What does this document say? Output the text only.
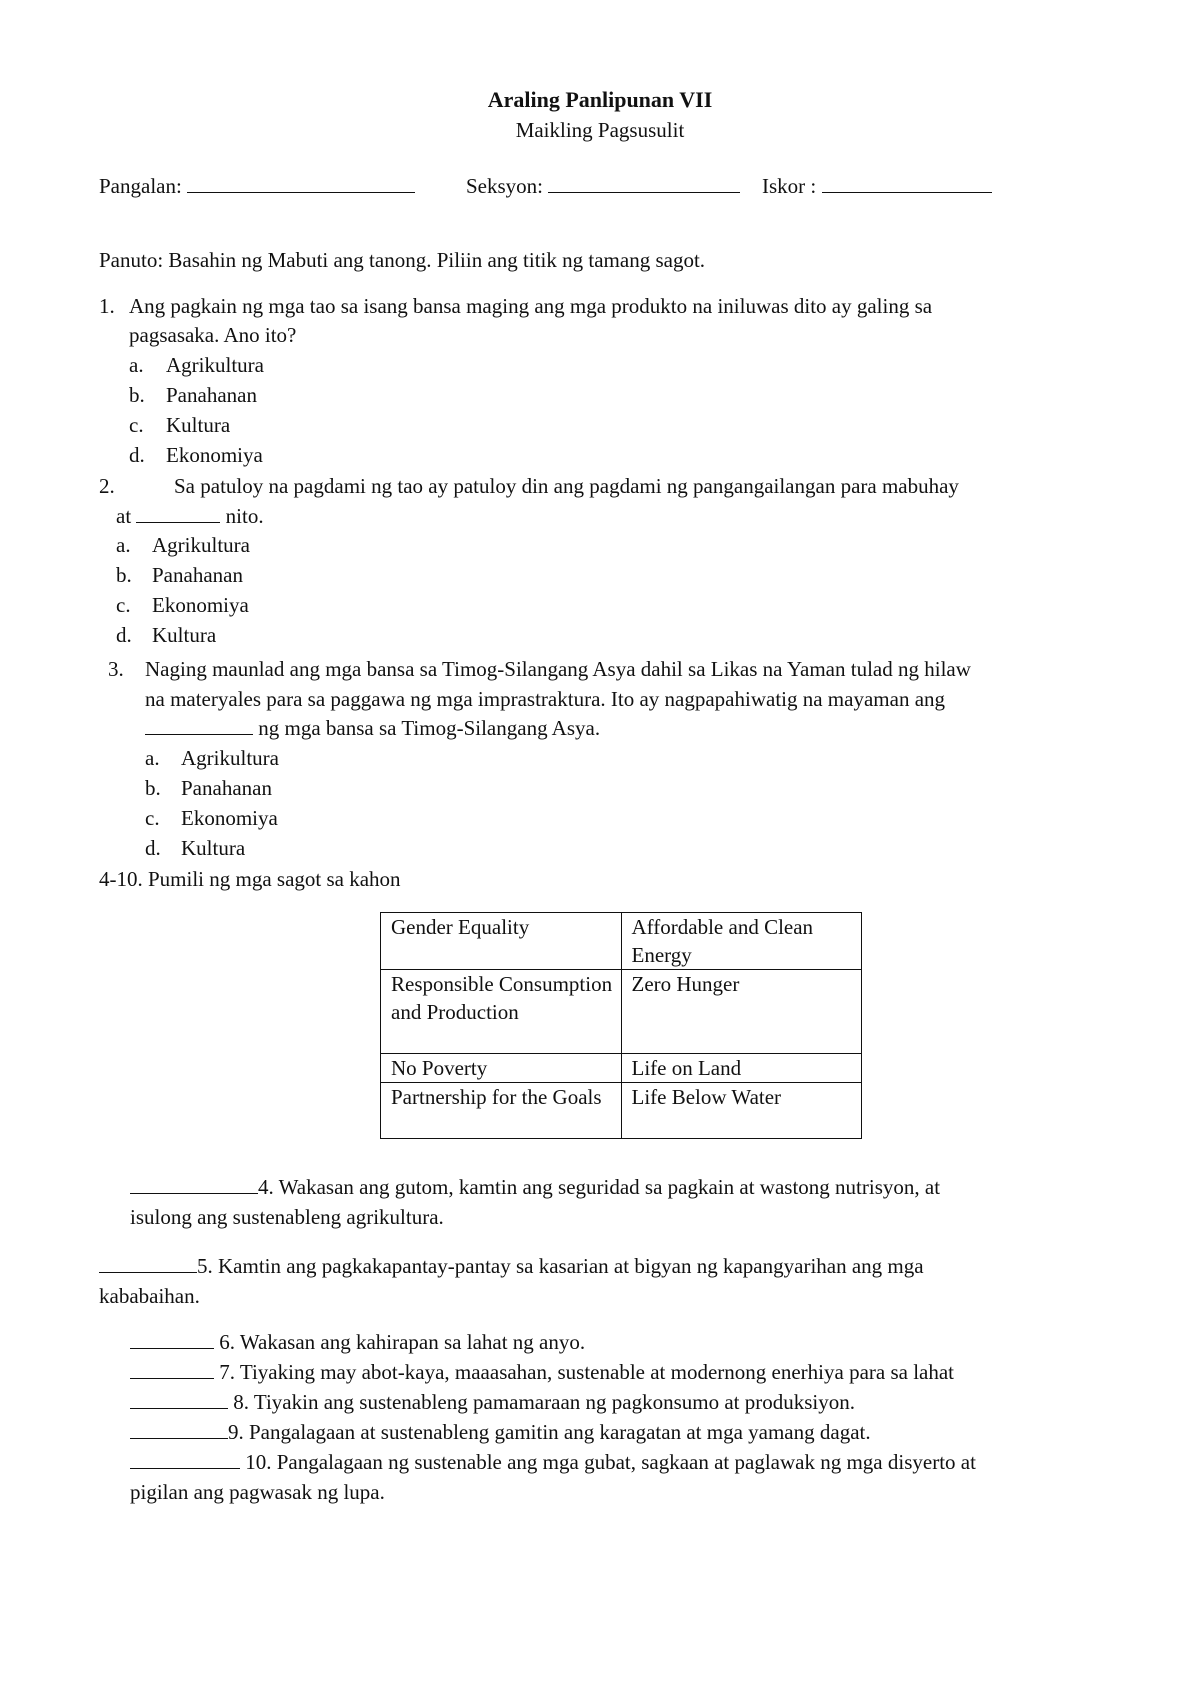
Araling Panlipunan VII
Maikling Pagsusulit
Pangalan:	Seksyon:	Iskor :
Panuto: Basahin ng Mabuti ang tanong. Piliin ang titik ng tamang sagot.
1. Ang pagkain ng mga tao sa isang bansa maging ang mga produkto na iniluwas dito ay galing sa
pagsasaka. Ano ito?
a. Agrikultura
b. Panahanan
c. Kultura
d. Ekonomiya
2.	Sa patuloy na pagdami ng tao ay patuloy din ang pagdami ng pangangailangan para mabuhay
at	nito.
a. Agrikultura
b. Panahanan
c. Ekonomiya
d. Kultura
3. Naging maunlad ang mga bansa sa Timog-Silangang Asya dahil sa Likas na Yaman tulad ng hilaw
na materyales para sa paggawa ng mga imprastraktura. Ito ay nagpapahiwatig na mayaman ang
ng mga bansa sa Timog-Silangang Asya.
a. Agrikultura
b. Panahanan
c. Ekonomiya
d. Kultura
4-10. Pumili ng mga sagot sa kahon
Gender Equality	Affordable and Clean Energy
Responsible Consumption and Production	Zero Hunger
No Poverty	Life on Land
Partnership for the Goals	Life Below Water
4. Wakasan ang gutom, kamtin ang seguridad sa pagkain at wastong nutrisyon, at
isulong ang sustenableng agrikultura.
5. Kamtin ang pagkakapantay-pantay sa kasarian at bigyan ng kapangyarihan ang mga
kababaihan.
6. Wakasan ang kahirapan sa lahat ng anyo.
7. Tiyaking may abot-kaya, maaasahan, sustenable at modernong enerhiya para sa lahat
8. Tiyakin ang sustenableng pamamaraan ng pagkonsumo at produksiyon.
9. Pangalagaan at sustenableng gamitin ang karagatan at mga yamang dagat.
10. Pangalagaan ng sustenable ang mga gubat, sagkaan at paglawak ng mga disyerto at
pigilan ang pagwasak ng lupa.
